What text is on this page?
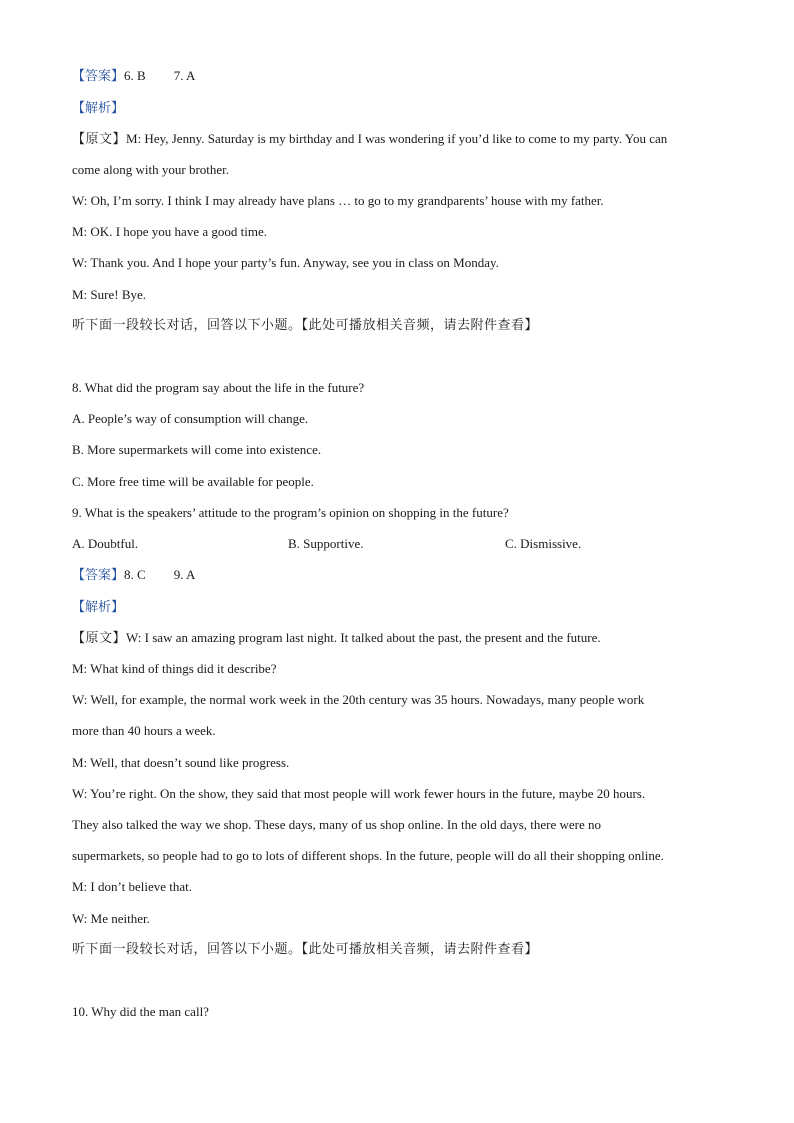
【答案】6. B 7. A
【解析】
【原文】M: Hey, Jenny. Saturday is my birthday and I was wondering if you’d like to come to my party. You can
come along with your brother.
W: Oh, I’m sorry. I think I may already have plans … to go to my grandparents’ house with my father.
M: OK. I hope you have a good time.
W: Thank you. And I hope your party’s fun. Anyway, see you in class on Monday.
M: Sure! Bye.
听下面一段较长对话，回答以下小题。【此处可播放相关音频，请去附件查看】
8. What did the program say about the life in the future?
A. People’s way of consumption will change.
B. More supermarkets will come into existence.
C. More free time will be available for people.
9. What is the speakers’ attitude to the program’s opinion on shopping in the future?
A. Doubtful.	B. Supportive.	C. Dismissive.
【答案】8. C 9. A
【解析】
【原文】W: I saw an amazing program last night. It talked about the past, the present and the future.
M: What kind of things did it describe?
W: Well, for example, the normal work week in the 20th century was 35 hours. Nowadays, many people work
more than 40 hours a week.
M: Well, that doesn’t sound like progress.
W: You’re right. On the show, they said that most people will work fewer hours in the future, maybe 20 hours.
They also talked the way we shop. These days, many of us shop online. In the old days, there were no
supermarkets, so people had to go to lots of different shops. In the future, people will do all their shopping online.
M: I don’t believe that.
W: Me neither.
听下面一段较长对话，回答以下小题。【此处可播放相关音频，请去附件查看】
10. Why did the man call?
